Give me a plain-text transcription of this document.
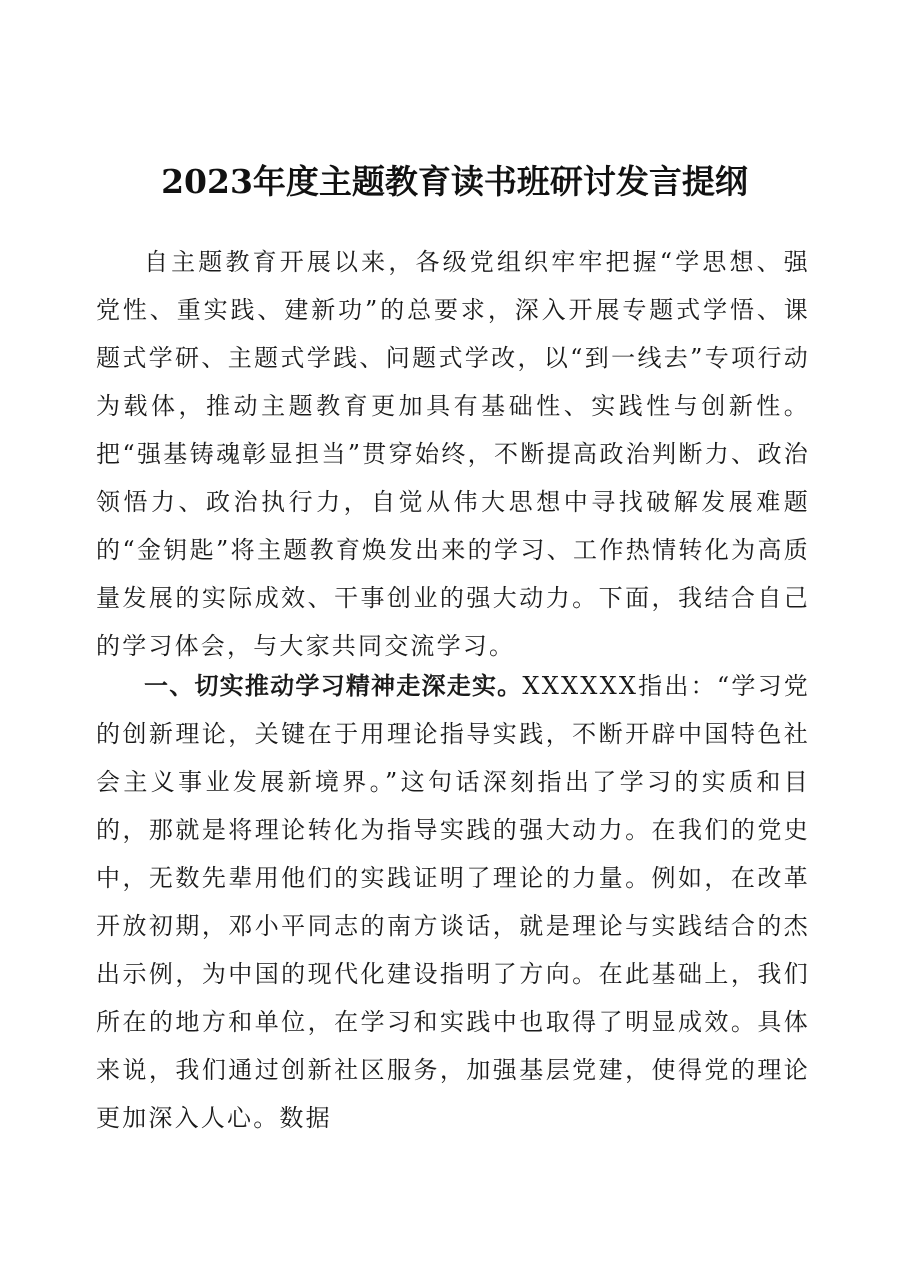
2023年度主题教育读书班研讨发言提纲

自主题教育开展以来，各级党组织牢牢把握“学思想、强党性、重实践、建新功”的总要求，深入开展专题式学悟、课题式学研、主题式学践、问题式学改，以“到一线去”专项行动为载体，推动主题教育更加具有基础性、实践性与创新性。把“强基铸魂彰显担当”贯穿始终，不断提高政治判断力、政治领悟力、政治执行力，自觉从伟大思想中寻找破解发展难题的“金钥匙”将主题教育焕发出来的学习、工作热情转化为高质量发展的实际成效、干事创业的强大动力。下面，我结合自己的学习体会，与大家共同交流学习。

一、切实推动学习精神走深走实。XXXXXX指出：“学习党的创新理论，关键在于用理论指导实践，不断开辟中国特色社会主义事业发展新境界。”这句话深刻指出了学习的实质和目的，那就是将理论转化为指导实践的强大动力。在我们的党史中，无数先辈用他们的实践证明了理论的力量。例如，在改革开放初期，邓小平同志的南方谈话，就是理论与实践结合的杰出示例，为中国的现代化建设指明了方向。在此基础上，我们所在的地方和单位，在学习和实践中也取得了明显成效。具体来说，我们通过创新社区服务，加强基层党建，使得党的理论更加深入人心。数据
